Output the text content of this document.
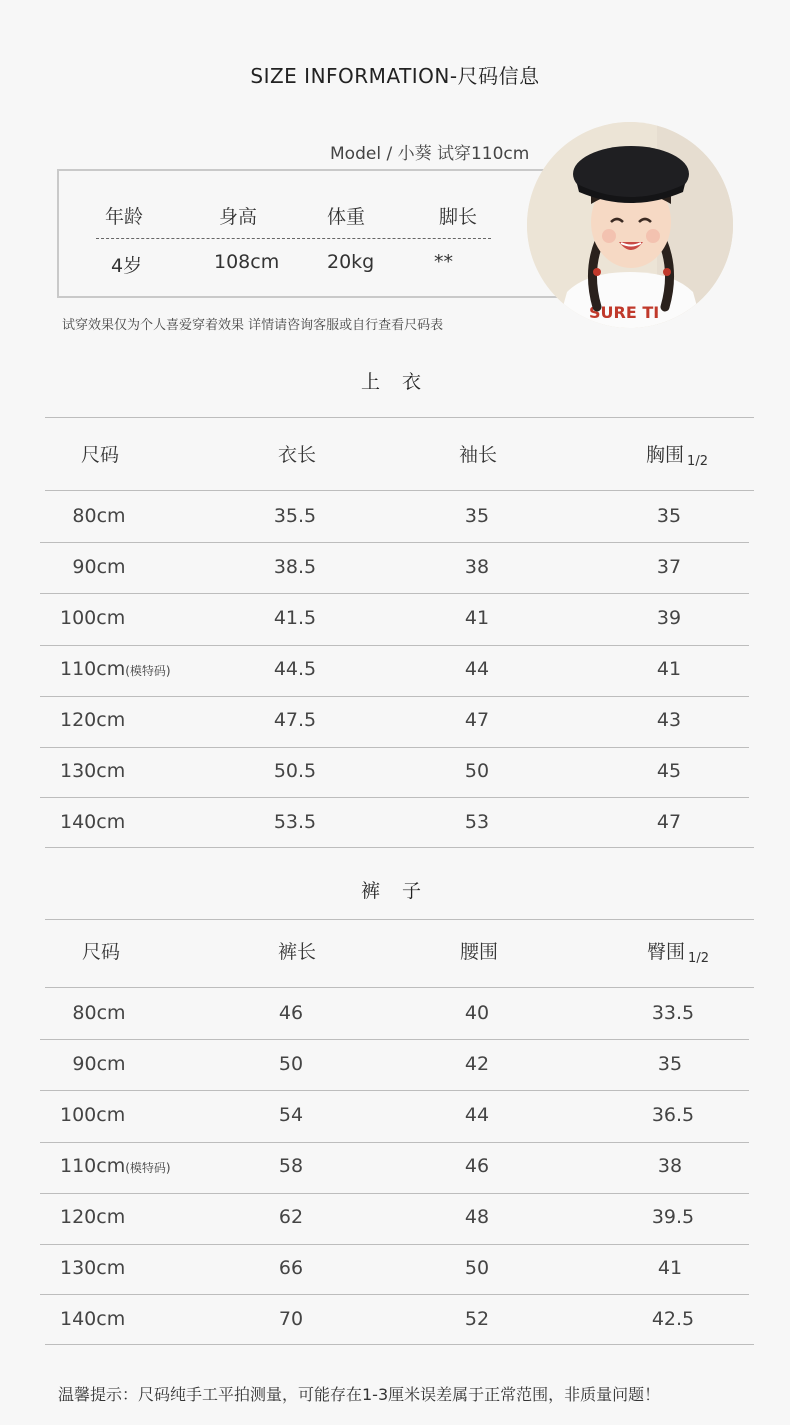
SIZE INFORMATION-尺码信息
Model / 小葵 试穿110cm
年龄	身高	体重	脚长
4岁	108cm	20kg	**
SURE TI
试穿效果仅为个人喜爱穿着效果 详情请咨询客服或自行查看尺码表
上 衣
尺码	衣长	袖长	胸围 $_{1/2}$
80cm	35.5	35	35
90cm	38.5	38	37
100cm	41.5	41	39
110cm(模特码)	44.5	44	41
120cm	47.5	47	43
130cm	50.5	50	45
140cm	53.5	53	47
裤 子
尺码	裤长	腰围	臀围 $_{1/2}$
80cm	46	40	33.5
90cm	50	42	35
100cm	54	44	36.5
110cm(模特码)	58	46	38
120cm	62	48	39.5
130cm	66	50	41
140cm	70	52	42.5
温馨提示：尺码纯手工平拍测量，可能存在1-3厘米误差属于正常范围，非质量问题！
